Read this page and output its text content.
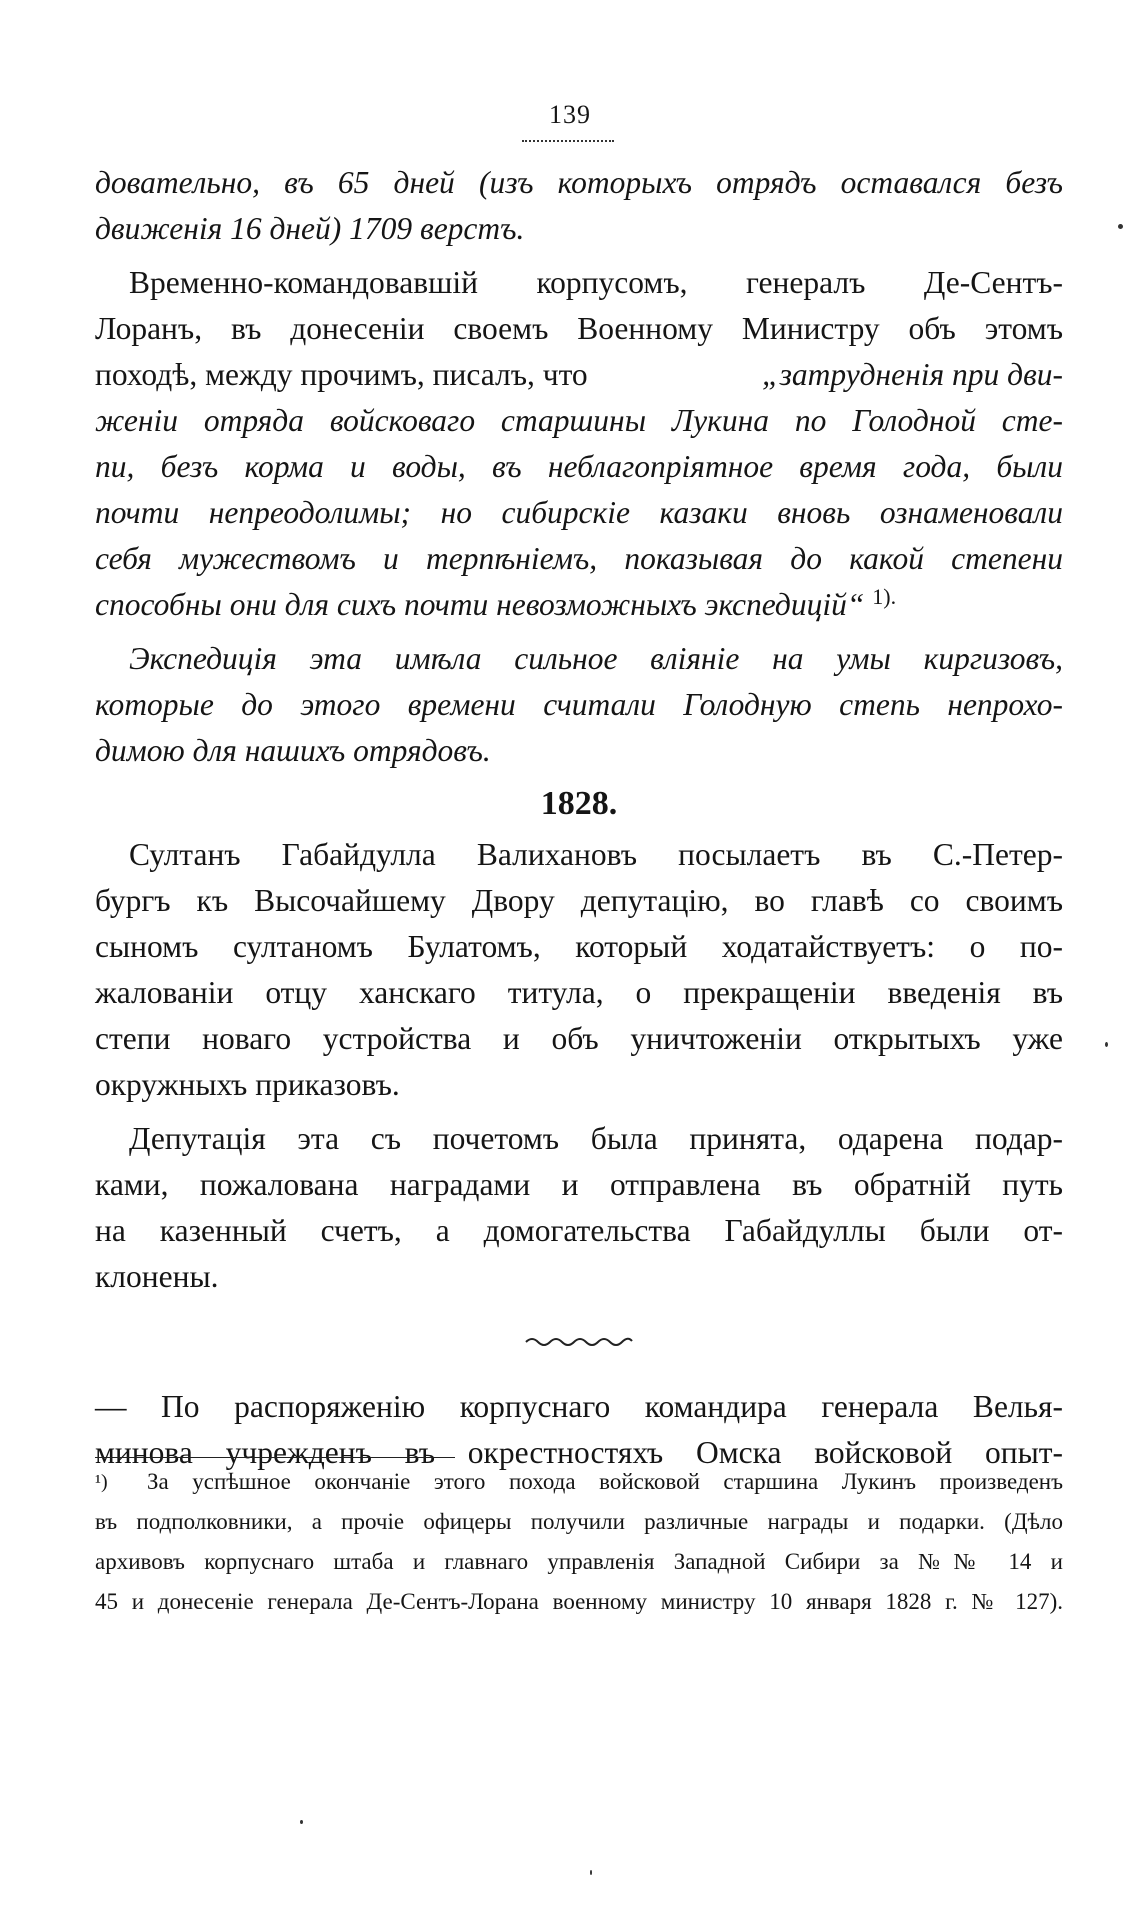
139
доватeльно, въ 65 дней (изъ которыхъ отрядъ оставался безъ
движенія 16 дней) 1709 верстъ.
Временно-командовавшій корпусомъ, генералъ Де-Сентъ-
Лоранъ, въ донесеніи своемъ Военному Министру объ этомъ
походѣ, между прочимъ, писалъ, что	„затрудненія при дви-
женіи отряда войсковаго старшины Лукина по Голодной сте-
пи, безъ корма и воды, въ неблагопріятное время года, были
почти непреодолимы; но сибирскіе казаки вновь ознаменовали
себя мужествомъ и терпѣніемъ, показывая до какой степени
способны они для сихъ почти невозможныхъ экспедицій“ $^{1).}$
Экспедиція эта имѣла сильное вліяніе на умы киргизовъ,
которые до этого времени считали Голодную степь непрохо-
димою для нашихъ отрядовъ.
1828.
Султанъ Габайдулла Валихановъ посылаетъ въ С.-Петер-
бургъ къ Высочайшему Двору депутацію, во главѣ со своимъ
сыномъ султаномъ Булатомъ, который ходатайствуетъ: о по-
жалованіи отцу ханскаго титула, о прекращеніи введенія въ
степи новаго устройства и объ уничтоженіи открытыхъ уже
окружныхъ приказовъ.
Депутація эта съ почетомъ была принята, одарена подар-
ками, пожалована наградами и отправлена въ обратній путь
на казенный счетъ, а домогательства Габайдуллы были от-
клонены.
— По распоряженію корпуснаго командира генерала Велья-
минова учрежденъ въ окрестностяхъ Омска войсковой опыт-
¹)	За успѣшное окончаніе этого похода войсковой старшина Лукинъ произведенъ
въ подполковники, а прочіе офицеры получили различные награды и подарки. (Дѣло
архивовъ корпуснаго штаба и главнаго управленія Западной Сибири за №№ 14 и
45 и донесеніе генерала Де-Сентъ-Лорана военному министру 10 января 1828 г. № 127).
